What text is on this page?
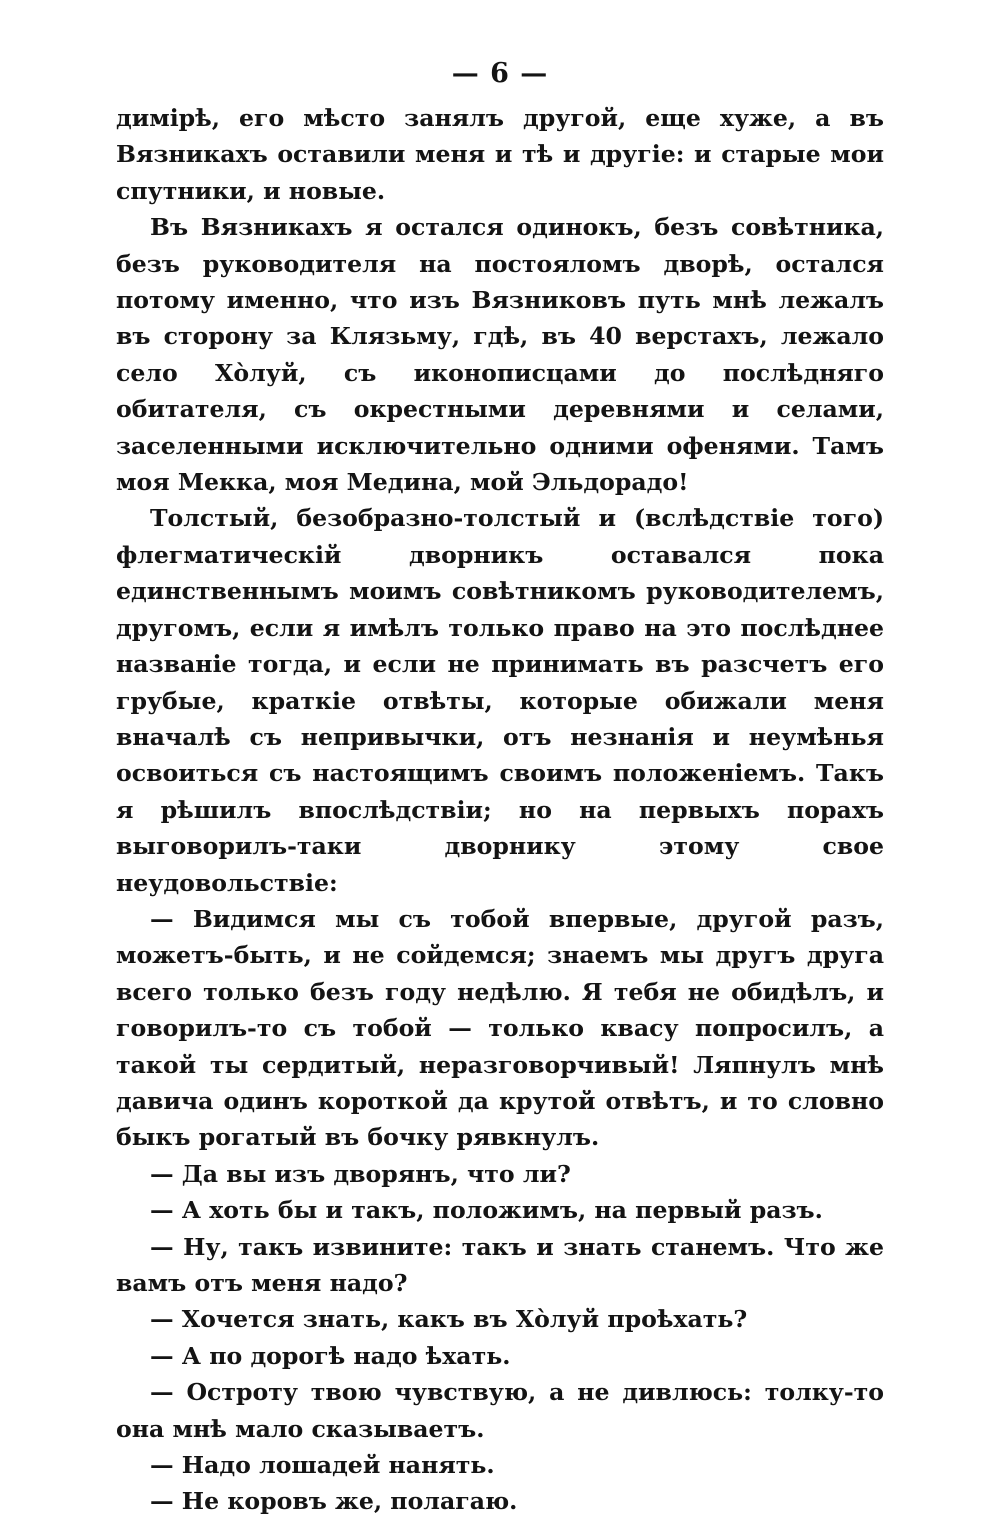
— 6 —

димірѣ, его мѣсто занялъ другой, еще хуже, а въ Вязникахъ оставили меня и тѣ и другіе: и старые мои спутники, и новые.

Въ Вязникахъ я остался одинокъ, безъ совѣтника, безъ руководителя на постояломъ дворѣ, остался потому именно, что изъ Вязниковъ путь мнѣ лежалъ въ сторону за Клязьму, гдѣ, въ 40 верстахъ, лежало село Хо̀луй, съ иконописцами до послѣдняго обитателя, съ окрестными деревнями и селами, заселенными исключительно одними офенями. Тамъ моя Мекка, моя Медина, мой Эльдорадо!

Толстый, безобразно-толстый и (вслѣдствіе того) флегматическій дворникъ оставался пока единственнымъ моимъ совѣтникомъ руководителемъ, другомъ, если я имѣлъ только право на это послѣднее названіе тогда, и если не принимать въ разсчетъ его грубые, краткіе отвѣты, которые обижали меня вначалѣ съ непривычки, отъ незнанія и неумѣнья освоиться съ настоящимъ своимъ положеніемъ. Такъ я рѣшилъ впослѣдствіи; но на первыхъ порахъ выговорилъ-таки дворнику этому свое неудовольствіе:

— Видимся мы съ тобой впервые, другой разъ, можетъ-быть, и не сойдемся; знаемъ мы другъ друга всего только безъ году недѣлю. Я тебя не обидѣлъ, и говорилъ-то съ тобой — только квасу попросилъ, а такой ты сердитый, неразговорчивый! Ляпнулъ мнѣ давича одинъ короткой да крутой отвѣтъ, и то словно быкъ рогатый въ бочку рявкнулъ.

— Да вы изъ дворянъ, что ли?

— А хоть бы и такъ, положимъ, на первый разъ.

— Ну, такъ извините: такъ и знать станемъ. Что же вамъ отъ меня надо?

— Хочется знать, какъ въ Хо̀луй проѣхать?

— А по дорогѣ надо ѣхать.

— Остроту твою чувствую, а не дивлюсь: толку-то она мнѣ мало сказываетъ.

— Надо лошадей нанять.

— Не коровъ же, полагаю.
